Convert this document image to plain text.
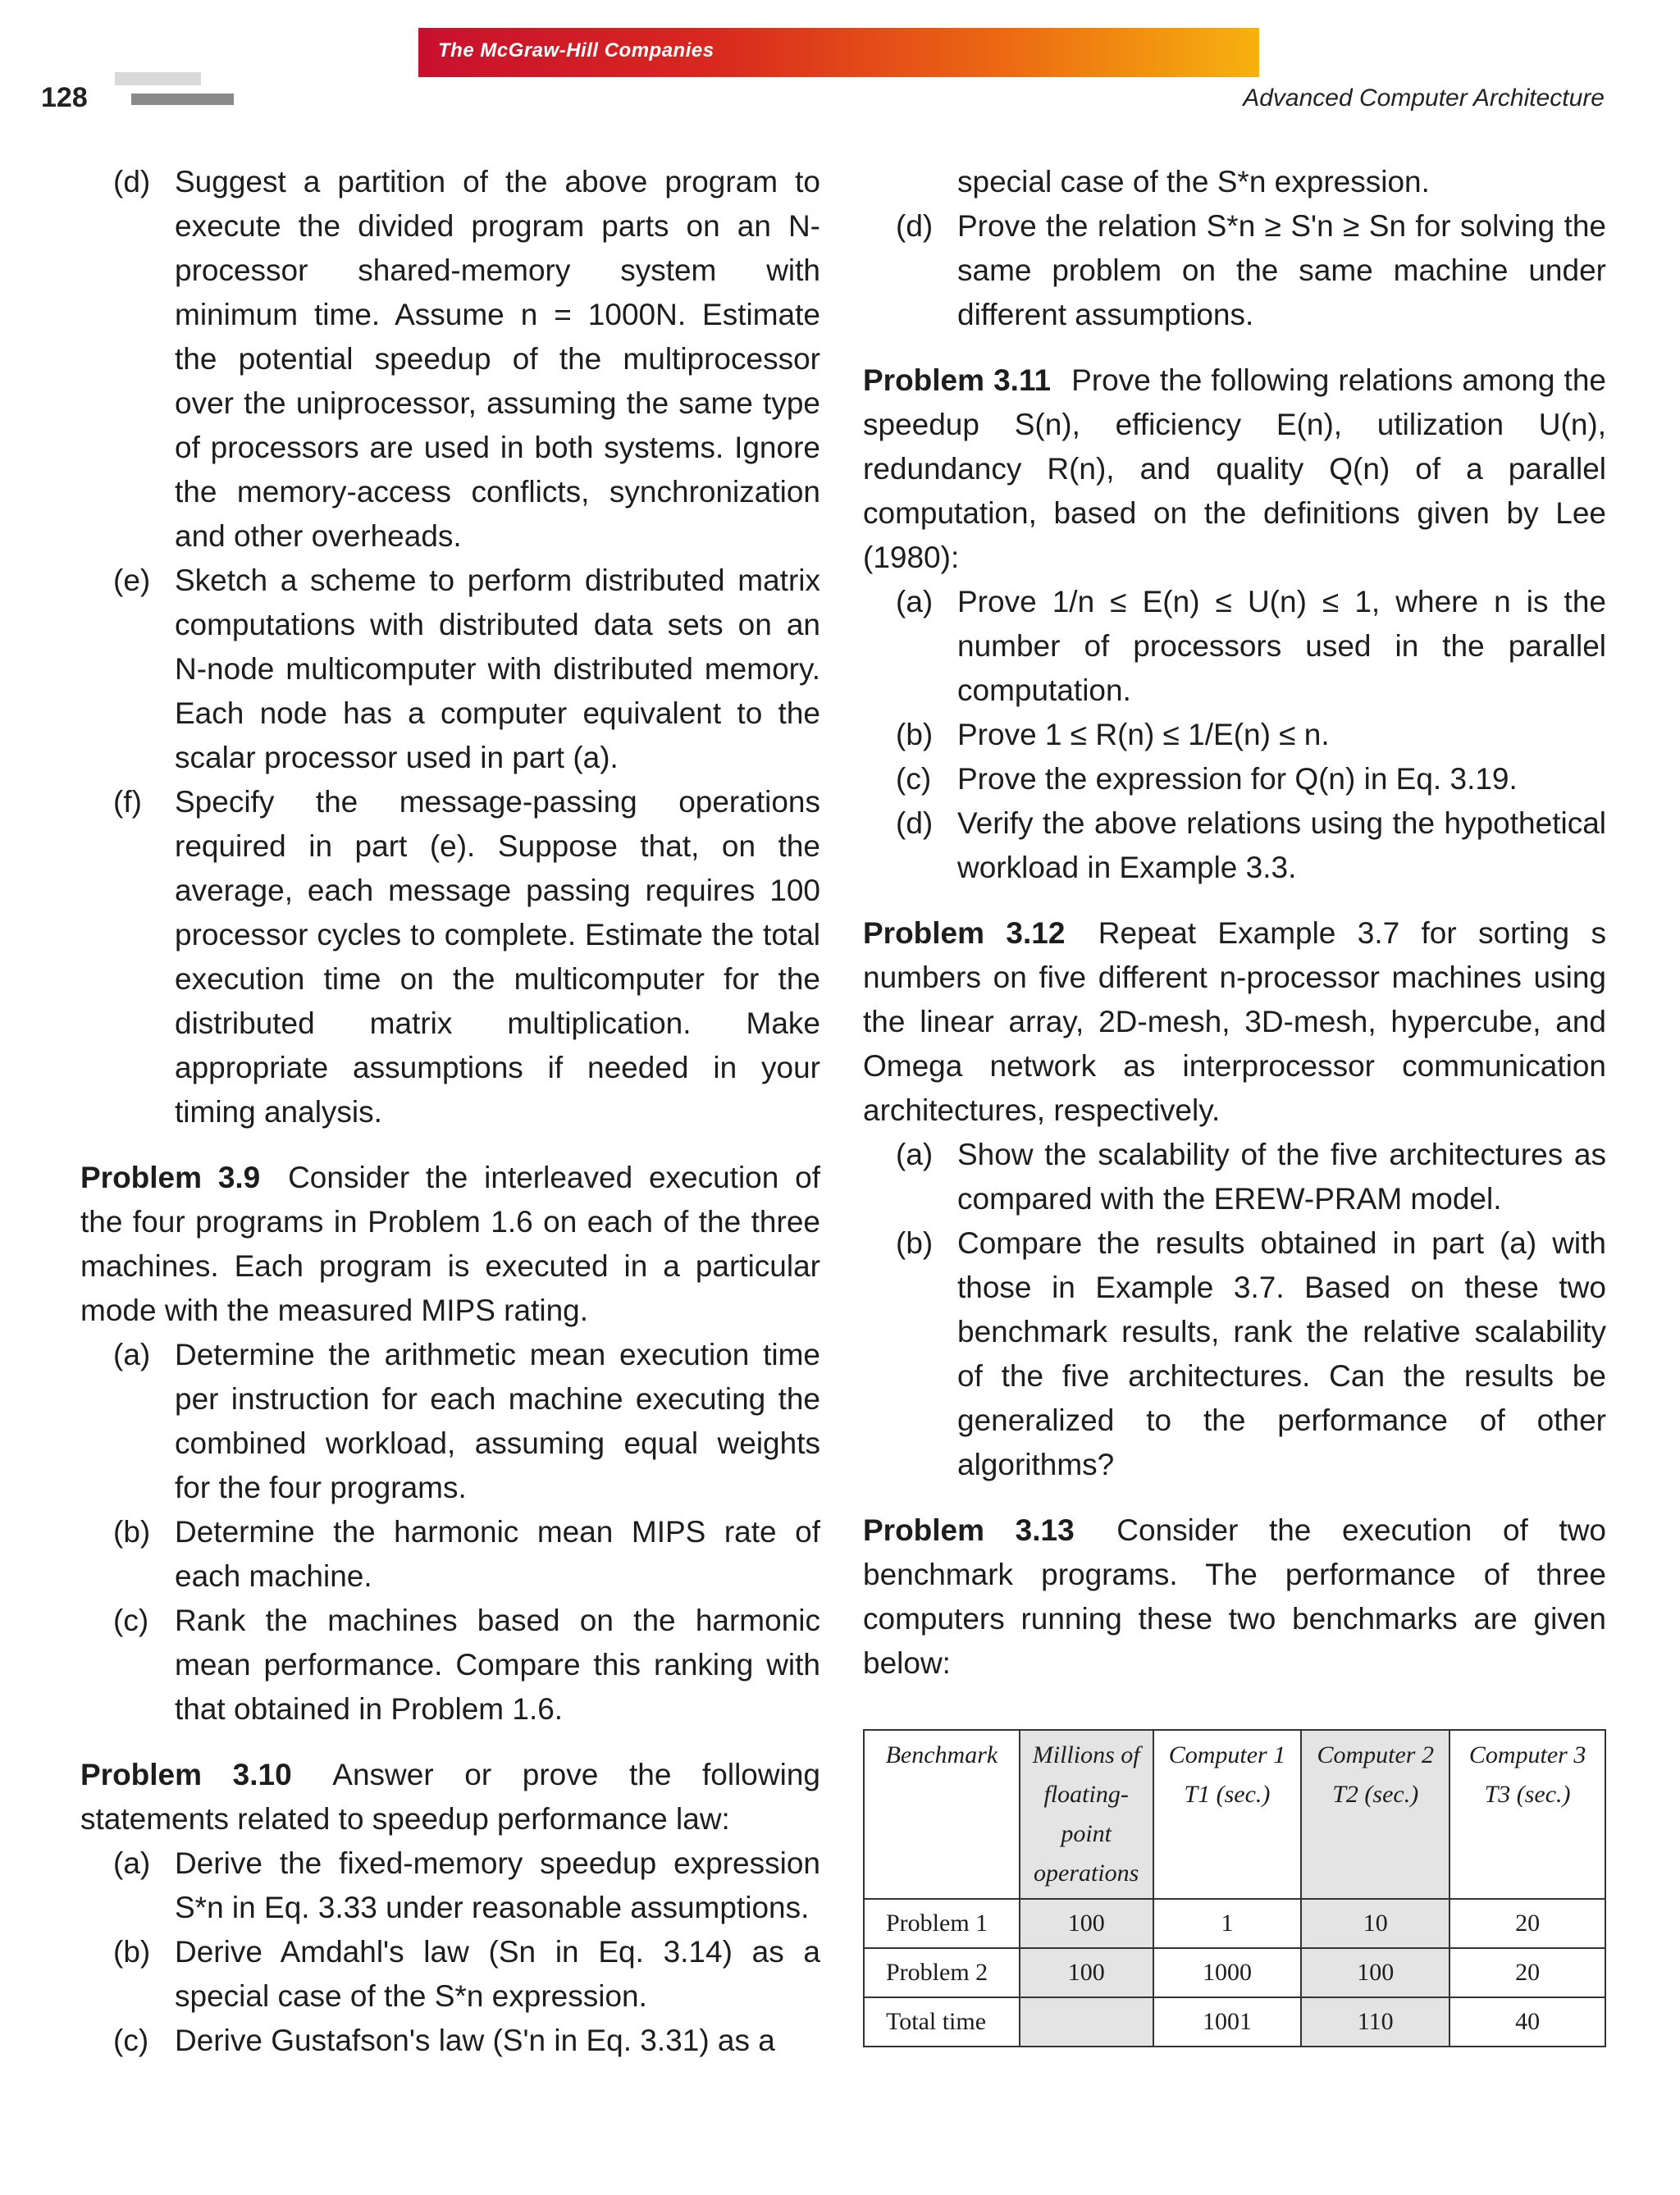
The McGraw-Hill Companies
128	Advanced Computer Architecture
(d) Suggest a partition of the above program to execute the divided program parts on an N-processor shared-memory system with minimum time. Assume n = 1000N. Estimate the potential speedup of the multiprocessor over the uniprocessor, assuming the same type of processors are used in both systems. Ignore the memory-access conflicts, synchronization and other overheads.
(e) Sketch a scheme to perform distributed matrix computations with distributed data sets on an N-node multicomputer with distributed memory. Each node has a computer equivalent to the scalar processor used in part (a).
(f)	Specify the message-passing operations required in part (e). Suppose that, on the average, each message passing requires 100 processor cycles to complete. Estimate the total execution time on the multicomputer for the distributed matrix multiplication. Make appropriate assumptions if needed in your timing analysis.
Problem 3.9 Consider the interleaved execution of the four programs in Problem 1.6 on each of the three machines. Each program is executed in a particular mode with the measured MIPS rating.
(a) Determine the arithmetic mean execution time per instruction for each machine executing the combined workload, assuming equal weights for the four programs.
(b) Determine the harmonic mean MIPS rate of each machine.
(c) Rank the machines based on the harmonic mean performance. Compare this ranking with that obtained in Problem 1.6.
Problem 3.10 Answer or prove the following statements related to speedup performance law:
(a) Derive the fixed-memory speedup expression S*n in Eq. 3.33 under reasonable assumptions.
(b) Derive Amdahl's law (Sn in Eq. 3.14) as a special case of the S*n expression.
(c) Derive Gustafson's law (S'n in Eq. 3.31) as a
special case of the S*n expression.
(d) Prove the relation S*n ≥ S'n ≥ Sn for solving the same problem on the same machine under different assumptions.
Problem 3.11 Prove the following relations among the speedup S(n), efficiency E(n), utilization U(n), redundancy R(n), and quality Q(n) of a parallel computation, based on the definitions given by Lee (1980):
(a) Prove 1/n ≤ E(n) ≤ U(n) ≤ 1, where n is the number of processors used in the parallel computation.
(b) Prove 1 ≤ R(n) ≤ 1/E(n) ≤ n.
(c) Prove the expression for Q(n) in Eq. 3.19.
(d) Verify the above relations using the hypothetical workload in Example 3.3.
Problem 3.12 Repeat Example 3.7 for sorting s numbers on five different n-processor machines using the linear array, 2D-mesh, 3D-mesh, hypercube, and Omega network as interprocessor communication architectures, respectively.
(a) Show the scalability of the five architectures as compared with the EREW-PRAM model.
(b) Compare the results obtained in part (a) with those in Example 3.7. Based on these two benchmark results, rank the relative scalability of the five architectures. Can the results be generalized to the performance of other algorithms?
Problem 3.13 Consider the execution of two benchmark programs. The performance of three computers running these two benchmarks are given below:
Benchmark	Millions of floating-point operations	Computer 1 T1 (sec.)	Computer 2 T2 (sec.)	Computer 3 T3 (sec.)
Problem 1	100	1	10	20
Problem 2	100	1000	100	20
Total time		1001	110	40
